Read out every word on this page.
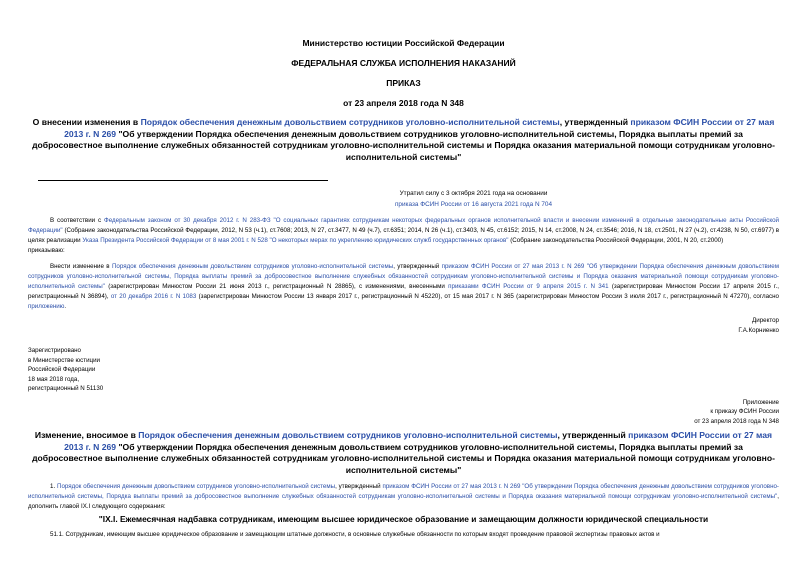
Министерство юстиции Российской Федерации
ФЕДЕРАЛЬНАЯ СЛУЖБА ИСПОЛНЕНИЯ НАКАЗАНИЙ
ПРИКАЗ
от 23 апреля 2018 года N 348
О внесении изменения в Порядок обеспечения денежным довольствием сотрудников уголовно-исполнительной системы, утвержденный приказом ФСИН России от 27 мая 2013 г. N 269 "Об утверждении Порядка обеспечения денежным довольствием сотрудников уголовно-исполнительной системы, Порядка выплаты премий за добросовестное выполнение служебных обязанностей сотрудникам уголовно-исполнительной системы и Порядка оказания материальной помощи сотрудникам уголовно-исполнительной системы"
Утратил силу с 3 октября 2021 года на основании
приказа ФСИН России от 16 августа 2021 года N 704

В соответствии с Федеральным законом от 30 декабря 2012 г. N 283-ФЗ "О социальных гарантиях сотрудникам некоторых федеральных органов исполнительной власти и внесении изменений в отдельные законодательные акты Российской Федерации" (Собрание законодательства Российской Федерации, 2012, N 53 (ч.1), ст.7608; 2013, N 27, ст.3477, N 49 (ч.7), ст.6351; 2014, N 26 (ч.1), ст.3403, N 45, ст.6152; 2015, N 14, ст.2008, N 24, ст.3546; 2016, N 18, ст.2501, N 27 (ч.2), ст.4238, N 50, ст.6977) в целях реализации Указа Президента Российской Федерации от 8 мая 2001 г. N 528 "О некоторых мерах по укреплению юридических служб государственных органов" (Собрание законодательства Российской Федерации, 2001, N 20, ст.2000)

приказываю:

Внести изменение в Порядок обеспечения денежным довольствием сотрудников уголовно-исполнительной системы, утвержденный приказом ФСИН России от 27 мая 2013 г. N 269 "Об утверждении Порядка обеспечения денежным довольствием сотрудников уголовно-исполнительной системы, Порядка выплаты премий за добросовестное выполнение служебных обязанностей сотрудникам уголовно-исполнительной системы и Порядка оказания материальной помощи сотрудникам уголовно-исполнительной системы" (зарегистрирован Минюстом России 21 июня 2013 г., регистрационный N 28865), с изменениями, внесенными приказами ФСИН России от 9 апреля 2015 г. N 341 (зарегистрирован Минюстом России 17 апреля 2015 г., регистрационный N 36894), от 20 декабря 2016 г. N 1083 (зарегистрирован Минюстом России 13 января 2017 г., регистрационный N 45220), от 15 мая 2017 г. N 365 (зарегистрирован Минюстом России 3 июля 2017 г., регистрационный N 47270), согласно приложению.

Директор
Г.А.Корниенко
Зарегистрировано
в Министерстве юстиции
Российской Федерации
18 мая 2018 года,
регистрационный N 51130
Приложение
к приказу ФСИН России
от 23 апреля 2018 года N 348
Изменение, вносимое в Порядок обеспечения денежным довольствием сотрудников уголовно-исполнительной системы, утвержденный приказом ФСИН России от 27 мая 2013 г. N 269 "Об утверждении Порядка обеспечения денежным довольствием сотрудников уголовно-исполнительной системы, Порядка выплаты премий за добросовестное выполнение служебных обязанностей сотрудникам уголовно-исполнительной системы и Порядка оказания материальной помощи сотрудникам уголовно-исполнительной системы"

1. Порядок обеспечения денежным довольствием сотрудников уголовно-исполнительной системы, утвержденный приказом ФСИН России от 27 мая 2013 г. N 269 "Об утверждении Порядка обеспечения денежным довольствием сотрудников уголовно-исполнительной системы, Порядка выплаты премий за добросовестное выполнение служебных обязанностей сотрудникам уголовно-исполнительной системы и Порядка оказания материальной помощи сотрудникам уголовно-исполнительной системы", дополнить главой IX.I следующего содержания:

"IX.I. Ежемесячная надбавка сотрудникам, имеющим высшее юридическое образование и замещающим должности юридической специальности

51.1. Сотрудникам, имеющим высшее юридическое образование и замещающим штатные должности, в основные служебные обязанности по которым входят проведение правовой экспертизы правовых актов и
